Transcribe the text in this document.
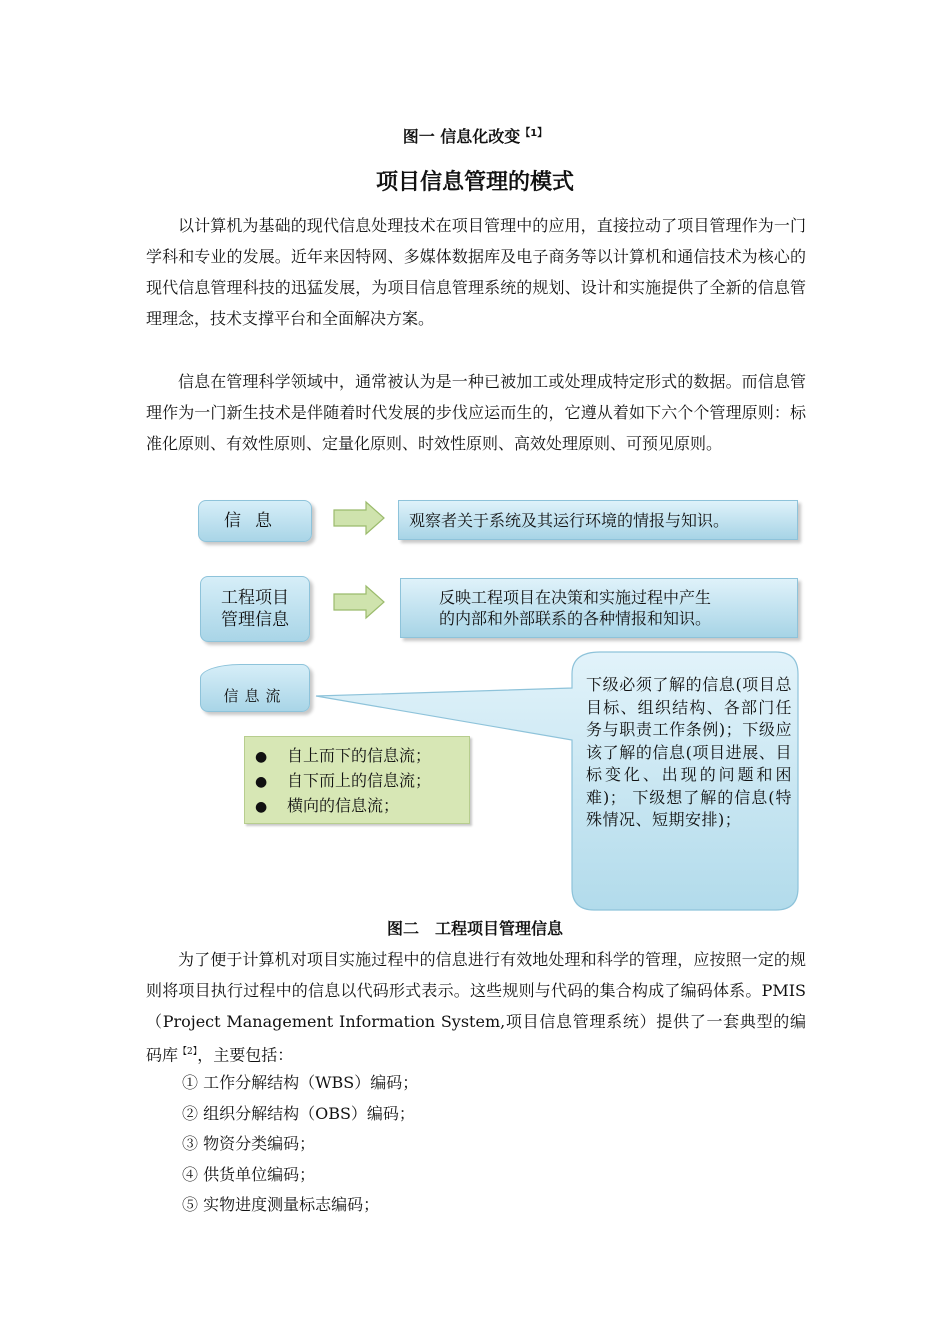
图一 信息化改变$^{【1】}$
项目信息管理的模式

以计算机为基础的现代信息处理技术在项目管理中的应用，直接拉动了项目管理作为一门学科和专业的发展。近年来因特网、多媒体数据库及电子商务等以计算机和通信技术为核心的现代信息管理科技的迅猛发展，为项目信息管理系统的规划、设计和实施提供了全新的信息管理理念，技术支撑平台和全面解决方案。

信息在管理科学领域中，通常被认为是一种已被加工或处理成特定形式的数据。而信息管理作为一门新生技术是伴随着时代发展的步伐应运而生的，它遵从着如下六个个管理原则：标准化原则、有效性原则、定量化原则、时效性原则、高效处理原则、可预见原则。

信息	观察者关于系统及其运行环境的情报与知识。
工程项目
管理信息
反映工程项目在决策和实施过程中产生
的内部和外部联系的各种情报和知识。
信息流
● 自上而下的信息流；
● 自下而上的信息流；
● 横向的信息流；
下级必须了解的信息(项目总目标、组织结构、各部门任务与职责工作条例)；下级应该了解的信息(项目进展、目标变化、出现的问题和困难)； 下级想了解的信息(特殊情况、短期安排)；
图二　工程项目管理信息

为了便于计算机对项目实施过程中的信息进行有效地处理和科学的管理，应按照一定的规则将项目执行过程中的信息以代码形式表示。这些规则与代码的集合构成了编码体系。PMIS（Project Management Information System,项目信息管理系统）提供了一套典型的编码库$^{【2】}$，主要包括：

① 工作分解结构（WBS）编码；
② 组织分解结构（OBS）编码；
③ 物资分类编码；
④ 供货单位编码；
⑤ 实物进度测量标志编码；
